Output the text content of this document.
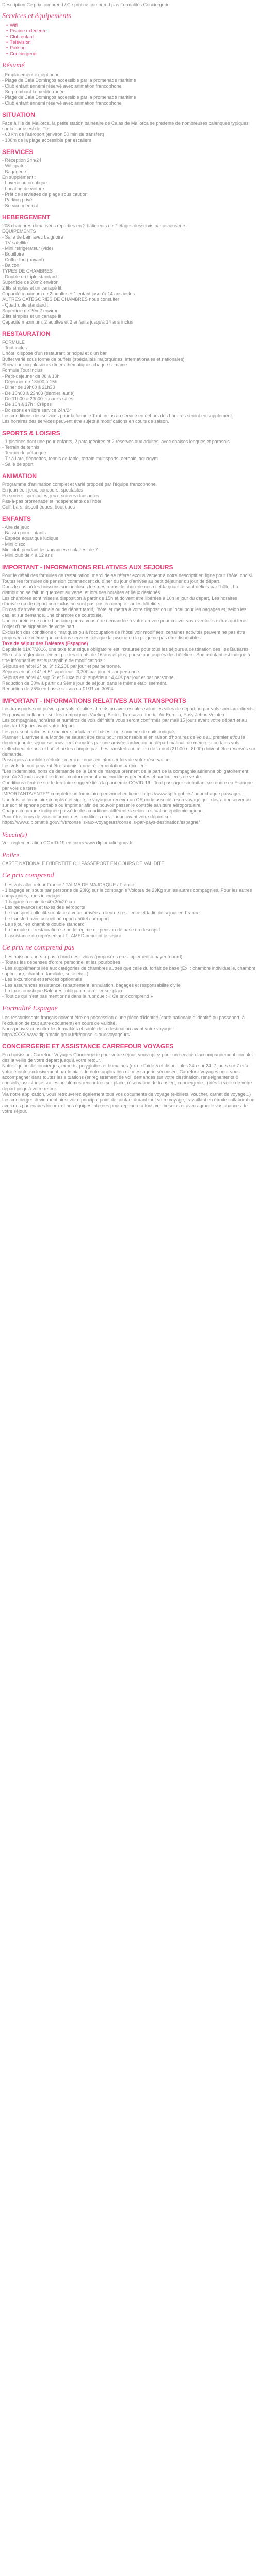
Description Ce prix comprend / Ce prix ne comprend pas Formalités Conciergerie
Services et équipements
• Wifi
• Piscine extérieure
• Club enfant
• Télévision
• Parking
• Conciergerie
Résumé

- Emplacement exceptionnel

- Plage de Cala Domingos accessible par la promenade maritime

- Club enfant ennemi réservé avec animation francophone

- Surplombant la mediterranée

- Plage de Cala Domingos accessible par la promenade maritime

- Club enfant ennemi réservé avec animation francophone

SITUATION

Face à l'ile de Mallorca, la petite station balnéaire de Calas de Mallorca se présente de nombreuses calanques typiques sur la partie est de l'île.

- 63 km de l'aéroport (environ 50 min de transfert)

- 100m de la plage accessible par escaliers

SERVICES

- Réception 24h/24

- Wifi gratuit

- Bagagerie

En supplément :

- Laverie automatique

- Location de voiture

- Prêt de serviettes de plage sous caution

- Parking privé

- Service médical

HEBERGEMENT

208 chambres climatisées réparties en 2 bâtiments de 7 étages desservis par ascenseurs

EQUIPEMENTS

- Salle de bain avec baignoire

- TV satellite

- Mini réfrigérateur (vide)

- Bouilloire

- Coffre-fort (payant)

- Balcon

TYPES DE CHAMBRES

- Double ou triple standard :

Superficie de 20m2 environ

2 lits simples et un canapé lit.

Capacité maximum de 2 adultes + 1 enfant jusqu'à 14 ans inclus

AUTRES CATEGORIES DE CHAMBRES nous consulter

- Quadruple standard :

Superficie de 20m2 environ

2 lits simples et un canapé lit

Capacité maximum: 2 adultes et 2 enfants jusqu'à 14 ans inclus

RESTAURATION

FORMULE

- Tout inclus

L'hôtel dispose d'un restaurant principal et d'un bar

Buffet varié sous forme de buffets (spécialités majorquines, internationales et nationales)

Show cooking plusieurs dîners thématiques chaque semaine

Formule Tout Inclus

- Petit-déjeuner de 08 à 10h

- Déjeuner de 13h00 à 15h

- Dîner de 19h00 à 21h30

- De 10h00 à 23h00 (dernier laurié)

- De 11h00 à 23h00 : snacks salés

- De 16h à 17h : Crêpes

- Boissons en libre service 24h/24

Les conditions des services pour la formule Tout Inclus au service en dehors des horaires seront en supplément.

Les horaires des services peuvent être sujets à modifications en cours de saison.

SPORTS & LOISIRS

- 1 piscines dont une pour enfants, 2 pataugeoires et 2 réserves aux adultes, avec chaises longues et parasols

- Terrain de tennis

- Terrain de pétanque

- Tir à l'arc, fléchettes, tennis de table, terrain multisports, aerobic, aquagym

- Salle de sport

ANIMATION

Programme d'animation complet et varié proposé par l'équipe francophone.

En journée : jeux, concours, spectacles

En soirée : spectacles, jeux, soirées dansantes

Pas-à-pas promenade et indépendante de l'hôtel

Golf, bars, discothèques, boutiques

ENFANTS

- Aire de jeux

- Bassin pour enfants

- Espace aquatique ludique

- Mini disco

Mini club pendant les vacances scolaires, de 7 :

- Mini club de 4 à 12 ans

IMPORTANT - INFORMATIONS RELATIVES AUX SEJOURS

Pour le détail des formules de restauration, merci de se référer exclusivement à notre descriptif en ligne pour l'hôtel choisi.

Toutes les formules de pension commencent du dîner du jour d'arrivée au petit déjeuner du jour de départ.

Dans le cas où les boissons sont incluses lors des repas, le choix de ces-ci et la quantité sont définis par l'hôtel. La distribution se fait uniquement au verre, et lors des horaires et lieux désignés.

Les chambres sont mises à disposition à partir de 15h et doivent être libérées à 10h le jour du départ. Les horaires d'arrivée ou de départ non inclus ne sont pas pris en compte par les hôteliers.

En cas d'arrivée matinale ou de départ tardif, l'hôtelier mettra à votre disposition un local pour les bagages et, selon les cas, et sur demande, une chambre de courtoisie.

Une empreinte de carte bancaire pourra vous être demandée à votre arrivée pour couvrir vos éventuels extras qui ferait l'objet d'une signature de votre part.

Exclusion des conditions climatiques ou à l'occupation de l'hôtel voir modifiées, certaines activités peuvent ne pas être proposées de même que certains services tels que la piscine ou la plage ne pas être disponibles.

Taxe de séjour des Baléares (Espagne)

Depuis le 01/07/2016, une taxe touristique obligatoire est instaurée pour tous les séjours à destination des Îles Baléares. Elle est à régler directement par les clients de 16 ans et plus, par séjour, auprès des hôteliers. Son montant est indiqué à titre informatif et est susceptible de modifications :

Séjours en hôtel 2* ou 3* : 2,20€ par jour et par personne.

Séjours en hôtel 4* et 5* supérieur : 3,30€ par jour et par personne.

Séjours en hôtel 4* sup 5* et 5 luxe ou 4* supérieur : 4,40€ par jour et par personne.

Réduction de 50% à partir du 9ème jour de séjour, dans le même établissement.

Réduction de 75% en basse saison du 01/11 au 30/04

IMPORTANT - INFORMATIONS RELATIVES AUX TRANSPORTS

Les transports sont prévus par vols réguliers directs ou avec escales selon les villes de départ ou par vols spéciaux directs.

En pouvant collaborer sur les compagnies Vueling, Binter, Transavia, Iberia, Air Europa, Easy Jet ou Volotea.

Les compagnies, horaires et numéros de vols définitifs vous seront confirmés par mail 15 jours avant votre départ et au plus tard 3 jours avant votre départ.

Les prix sont calculés de manière forfaitaire et basés sur le nombre de nuits indiqué.

Planner : L'arrivée à la Monde ne saurait être tenu pour responsable si en raison d'horaires de vols au premier et/ou le dernier jour de séjour se trouvaient écourtés par une arrivée tardive ou un départ matinal, de même, si certains vols s'effectuent de nuit et l'hôtel ne les compte pas. Les transferts au milieu de la nuit (21h00 et 8h00) doivent être réservés sur demande.

Passagers à mobilité réduite : merci de nous en informer lors de votre réservation.

Les vols de nuit peuvent être soumis à une réglementation particulière.

"Les indemnités, bons de demande de la 1ère de marque prennent de la part de la compagnie aérienne obligatoirement jusqu'à 30 jours avant le départ conformément aux conditions générales et particulières de vente.

Conditions d'entrée sur le territoire suggéré lié à la pandémie COVID-19 : Tout passager souhaitant se rendre en Espagne par voie de terre

IMPORTANT/VENTE** compléter un formulaire personnel en ligne : https://www.spth.gob.es/ pour chaque passager.

Une fois ce formulaire complété et signé, le voyageur recevra un QR code associé à son voyage qu'il devra conserver au sur son téléphone portable ou imprimer afin de pouvoir passer le contrôle sanitaire aéroportuaire.

Chaque commune indiquée possède des conditions différentes selon la situation épidémiologique.

Pour être tenus de vous informer des conditions en vigueur, avant votre départ sur : https://www.diplomatie.gouv.fr/fr/conseils-aux-voyageurs/conseils-par-pays-destination/espagne/

Vaccin(s)

Voir réglementation COVID-19 en cours www.diplomatie.gouv.fr

Police

CARTE NATIONALE D'IDENTITE OU PASSEPORT EN COURS DE VALIDITE

Ce prix comprend

- Les vols aller-retour France / PALMA DE MAJORQUE / France

- 1 bagage en soute par personne de 20Kg sur la compagnie Volotea de 23Kg sur les autres compagnies. Pour les autres compagnies, nous interroger

- 1 bagage à main de 40x30x20 cm

- Les redevances et taxes des aéroports

- Le transport collectif sur place à votre arrivée au lieu de résidence et la fin de séjour en France

- Le transfert avec accueil aéroport / hôtel / aéroport

- Le séjour en chambre double standard

- La formule de restauration selon le régime de pension de base du descriptif

- L'assistance du représentant FLAMED pendant le séjour

Ce prix ne comprend pas

- Les boissons hors repas à bord des avions (proposées en supplément à payer à bord)

- Toutes les dépenses d'ordre personnel et les pourboires

- Les suppléments liés aux catégories de chambres autres que celle du forfait de base (Ex. : chambre individuelle, chambre supérieure, chambre familiale, suite etc...)

- Les excursions et services optionnels

- Les assurances assistance, rapatriement, annulation, bagages et responsabilité civile

- La taxe touristique Baléares, obligatoire à régler sur place

- Tout ce qui n'est pas mentionné dans la rubrique : « Ce prix comprend »

Formalité Espagne

Les ressortissants français doivent être en possession d'une pièce d'identité (carte nationale d'identité ou passeport, à l'exclusion de tout autre document) en cours de validité.

Nous pouvez consulter les formalités et santé de la destination avant votre voyage : http://XXXX.www.diplomatie.gouv.fr/fr/conseils-aux-voyageurs/

CONCIERGERIE ET ASSISTANCE CARREFOUR VOYAGES

En choisissant Carrefour Voyages Conciergerie pour votre séjour, vous optez pour un service d'accompagnement complet dès la veille de votre départ jusqu'à votre retour.

Notre équipe de concierges, experts, polyglottes et humaines (ex de l'aide 5 et disponibles 24h sur 24, 7 jours sur 7 et à votre écoute exclusivement par le biais de notre application de messagerie sécurisée, Carrefour Voyages pour vous accompagner dans toutes les situations (enregistrement de vol, demandes sur votre destination, renseignements & conseils, assistance sur les problèmes rencontrés sur place, réservation de transfert, conciergerie...) dès la veille de votre départ jusqu'à votre retour.

Via notre application, vous retrouverez également tous vos documents de voyage (e-billets, voucher, carnet de voyage...)

Les concierges deviennent ainsi votre principal point de contact durant tout votre voyage, travaillant en étroite collaboration avec nos partenaires locaux et nos équipes internes pour répondre à tous vos besoins et avec agrandir vos chances de votre séjour.
